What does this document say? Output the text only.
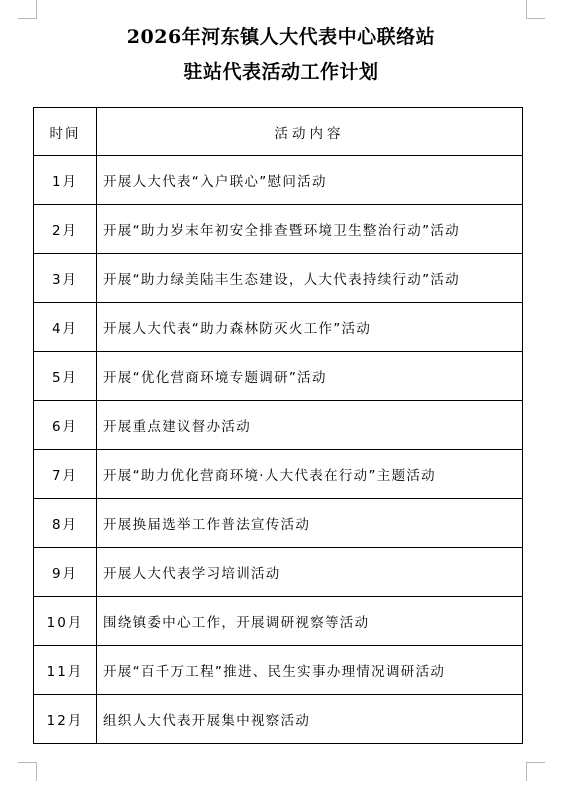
2026年河东镇人大代表中心联络站
驻站代表活动工作计划
时间	活动内容
1月	开展人大代表“入户联心”慰问活动
2月	开展“助力岁末年初安全排查暨环境卫生整治行动”活动
3月	开展“助力绿美陆丰生态建设，人大代表持续行动”活动
4月	开展人大代表“助力森林防灭火工作”活动
5月	开展“优化营商环境专题调研”活动
6月	开展重点建议督办活动
7月	开展“助力优化营商环境·人大代表在行动”主题活动
8月	开展换届选举工作普法宣传活动
9月	开展人大代表学习培训活动
10月	围绕镇委中心工作，开展调研视察等活动
11月	开展“百千万工程”推进、民生实事办理情况调研活动
12月	组织人大代表开展集中视察活动
